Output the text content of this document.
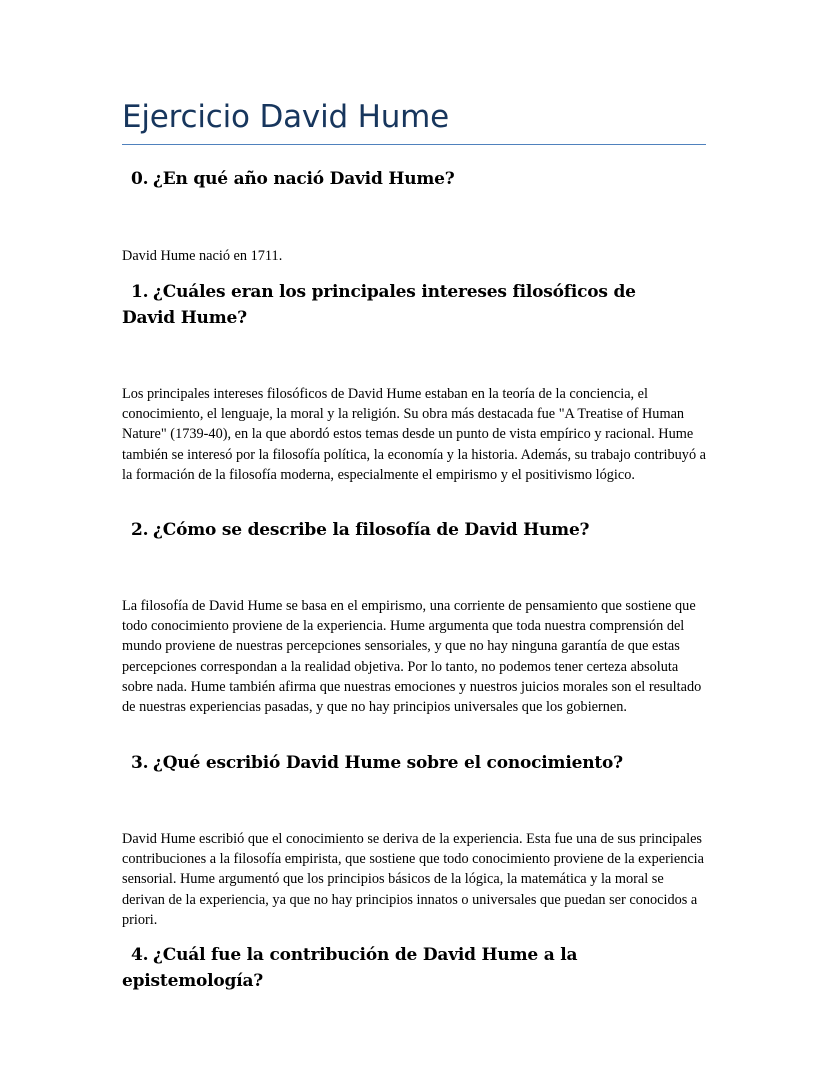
Ejercicio David Hume
0. ¿En qué año nació David Hume?

David Hume nació en 1711.

1. ¿Cuáles eran los principales intereses filosóficos de David Hume?

Los principales intereses filosóficos de David Hume estaban en la teoría de la conciencia, el conocimiento, el lenguaje, la moral y la religión. Su obra más destacada fue "A Treatise of Human Nature" (1739-40), en la que abordó estos temas desde un punto de vista empírico y racional. Hume también se interesó por la filosofía política, la economía y la historia. Además, su trabajo contribuyó a la formación de la filosofía moderna, especialmente el empirismo y el positivismo lógico.

2. ¿Cómo se describe la filosofía de David Hume?

La filosofía de David Hume se basa en el empirismo, una corriente de pensamiento que sostiene que todo conocimiento proviene de la experiencia. Hume argumenta que toda nuestra comprensión del mundo proviene de nuestras percepciones sensoriales, y que no hay ninguna garantía de que estas percepciones correspondan a la realidad objetiva. Por lo tanto, no podemos tener certeza absoluta sobre nada. Hume también afirma que nuestras emociones y nuestros juicios morales son el resultado de nuestras experiencias pasadas, y que no hay principios universales que los gobiernen.

3. ¿Qué escribió David Hume sobre el conocimiento?

David Hume escribió que el conocimiento se deriva de la experiencia. Esta fue una de sus principales contribuciones a la filosofía empirista, que sostiene que todo conocimiento proviene de la experiencia sensorial. Hume argumentó que los principios básicos de la lógica, la matemática y la moral se derivan de la experiencia, ya que no hay principios innatos o universales que puedan ser conocidos a priori.

4. ¿Cuál fue la contribución de David Hume a la epistemología?
